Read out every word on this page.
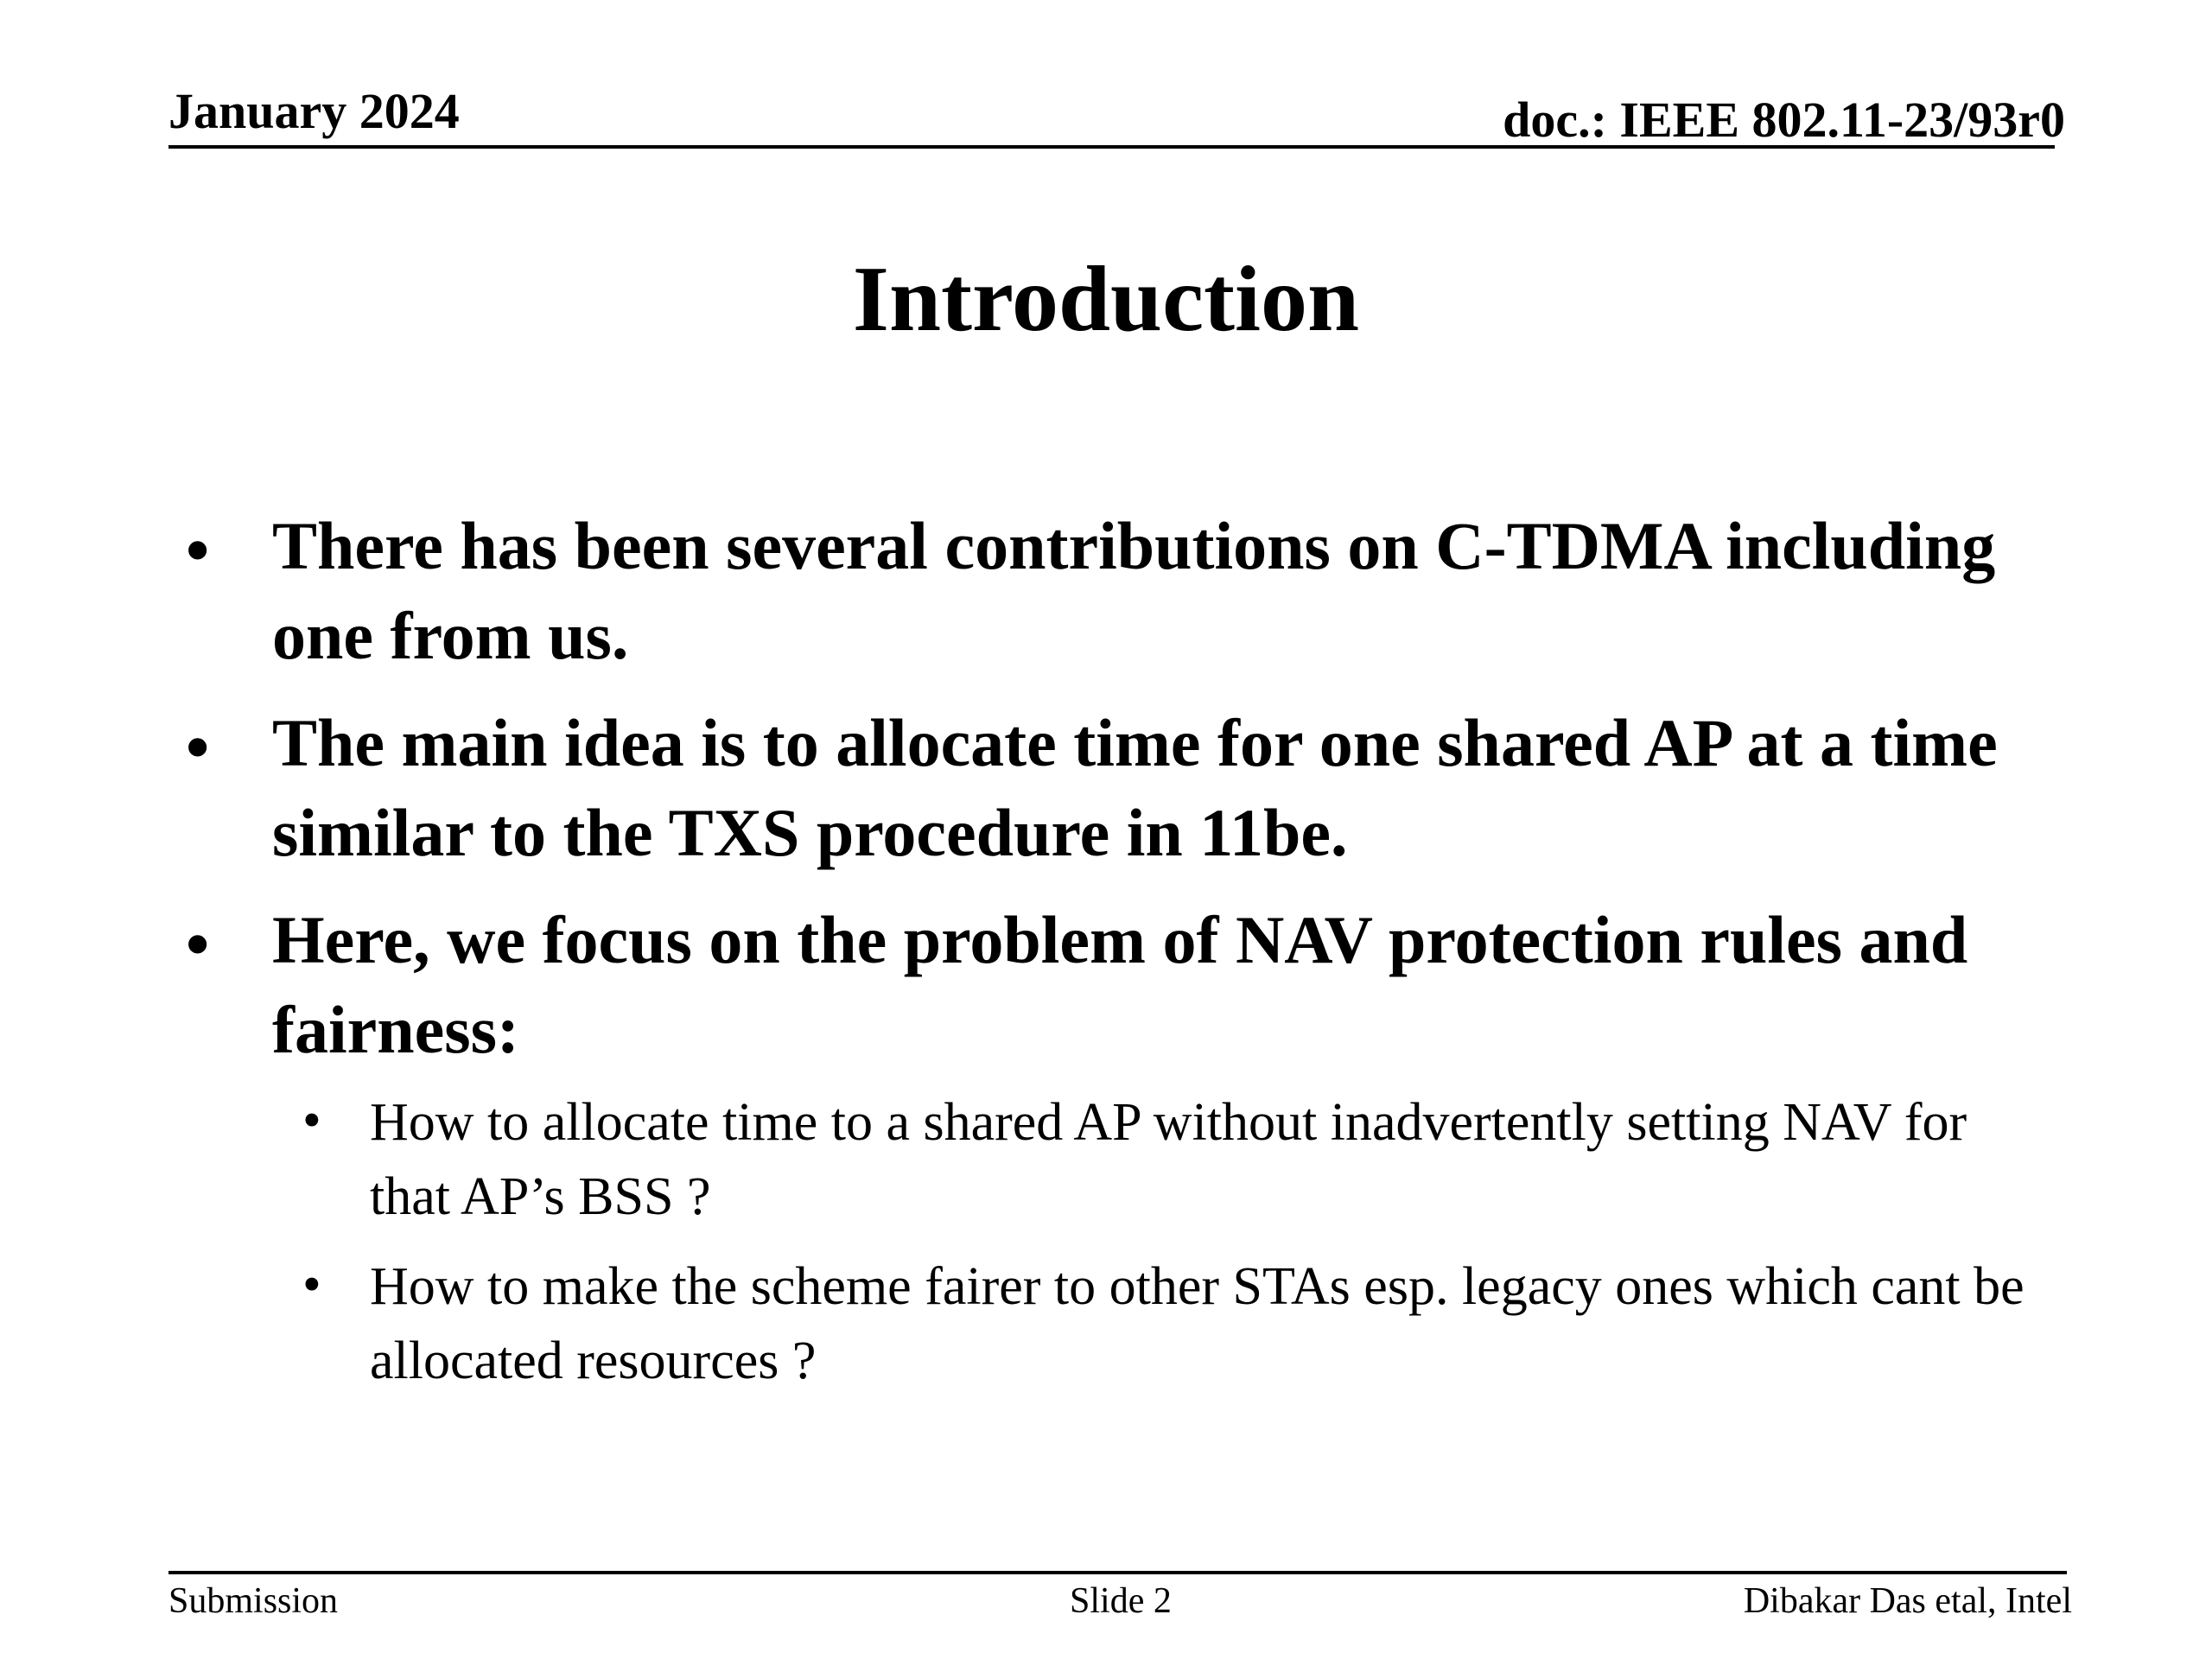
January 2024	doc.: IEEE 802.11-23/93r0
Introduction
• There has been several contributions on C-TDMA including one from us.
• The main idea is to allocate time for one shared AP at a time similar to the TXS procedure in 11be.
• Here, we focus on the problem of NAV protection rules and fairness:
• How to allocate time to a shared AP without inadvertently setting NAV for that AP’s BSS ?
• How to make the scheme fairer to other STAs esp. legacy ones which cant be allocated resources ?
Submission	Slide 2	Dibakar Das etal, Intel
